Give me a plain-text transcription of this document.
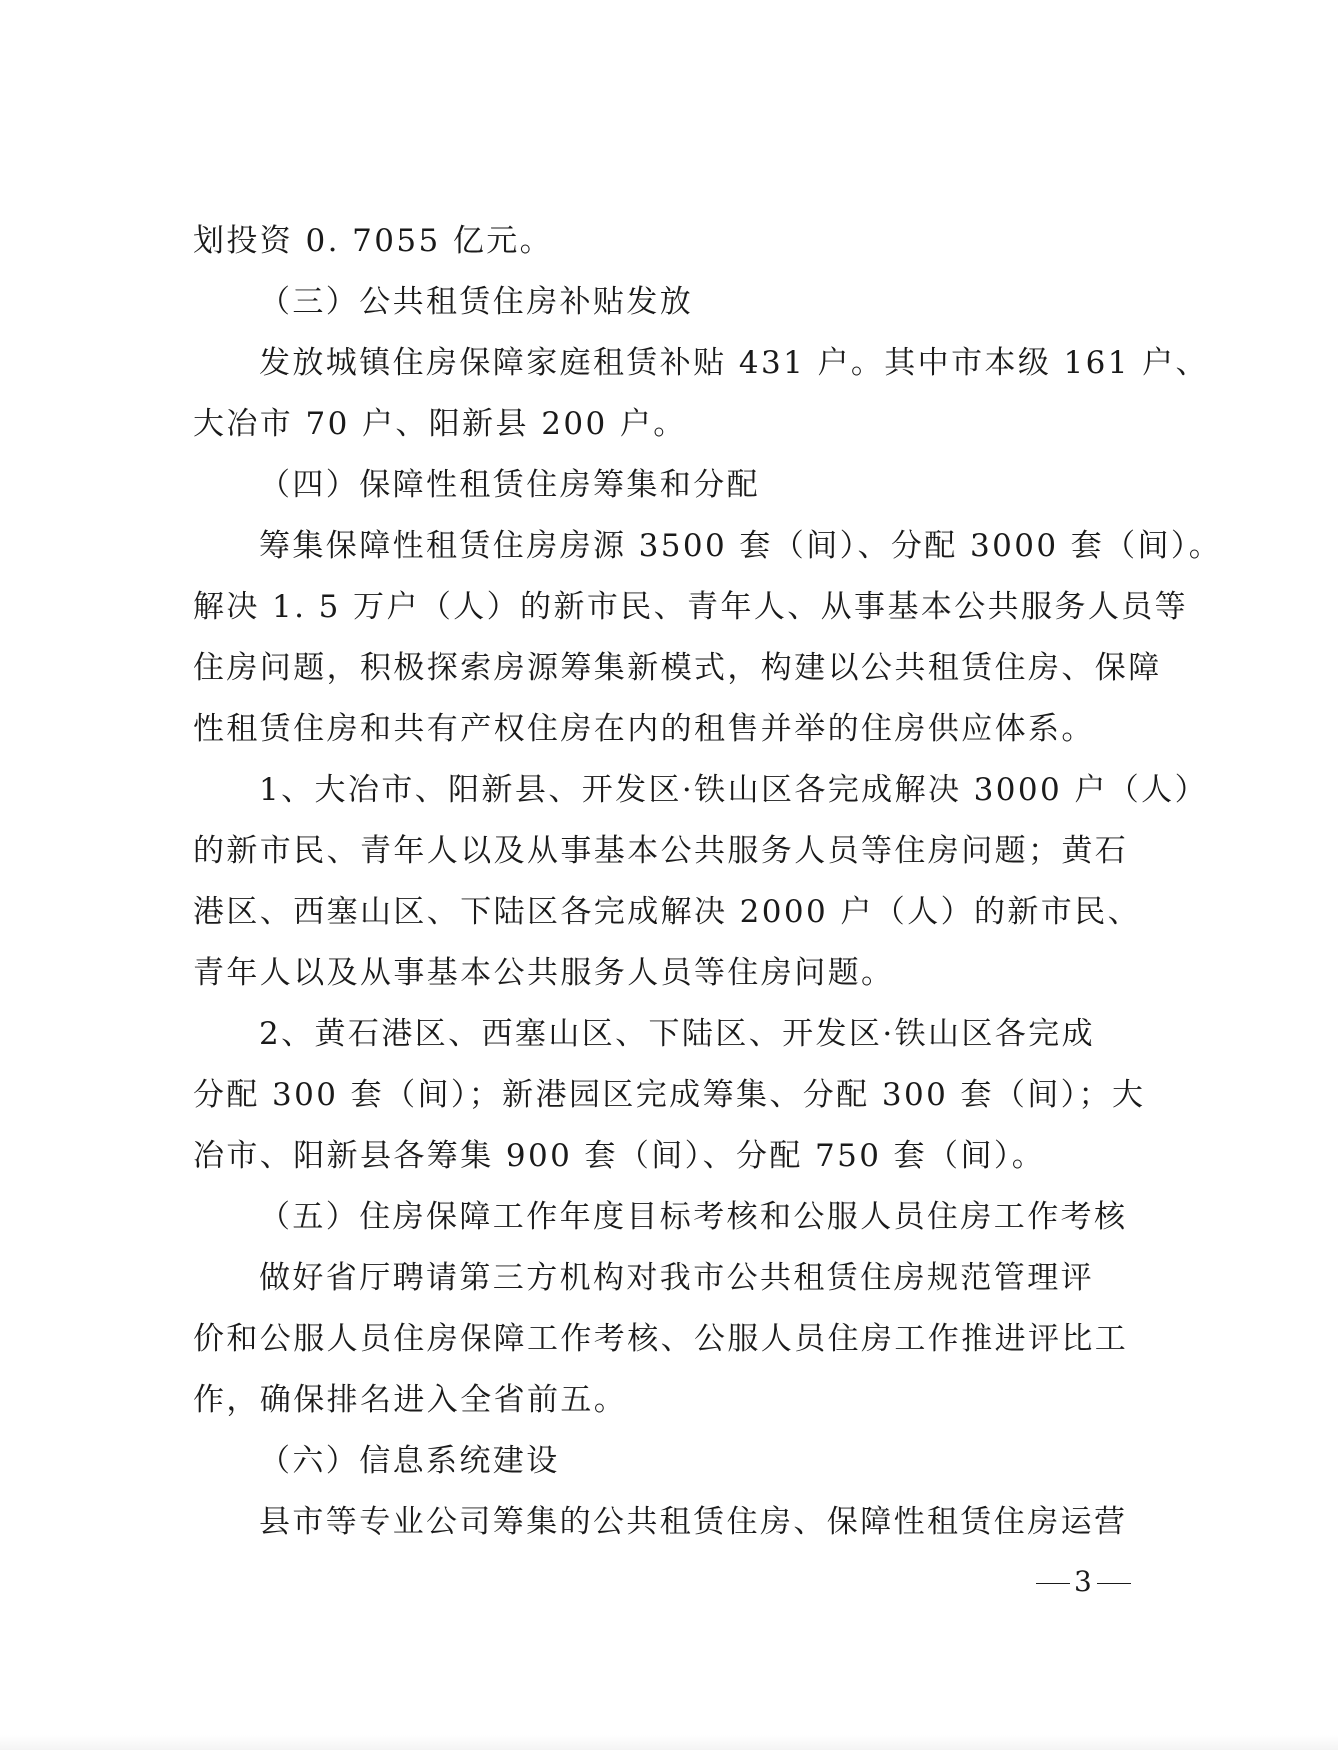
划投资 0. 7055 亿元。
（三）公共租赁住房补贴发放
发放城镇住房保障家庭租赁补贴 431 户。其中市本级 161 户、
大冶市 70 户、阳新县 200 户。
（四）保障性租赁住房筹集和分配
筹集保障性租赁住房房源 3500 套（间）、分配 3000 套（间）。
解决 1. 5 万户（人）的新市民、青年人、从事基本公共服务人员等
住房问题，积极探索房源筹集新模式，构建以公共租赁住房、保障
性租赁住房和共有产权住房在内的租售并举的住房供应体系。
1、大冶市、阳新县、开发区·铁山区各完成解决 3000 户（人）
的新市民、青年人以及从事基本公共服务人员等住房问题；黄石
港区、西塞山区、下陆区各完成解决 2000 户（人）的新市民、
青年人以及从事基本公共服务人员等住房问题。
2、黄石港区、西塞山区、下陆区、开发区·铁山区各完成
分配 300 套（间）；新港园区完成筹集、分配 300 套（间）；大
冶市、阳新县各筹集 900 套（间）、分配 750 套（间）。
（五）住房保障工作年度目标考核和公服人员住房工作考核
做好省厅聘请第三方机构对我市公共租赁住房规范管理评
价和公服人员住房保障工作考核、公服人员住房工作推进评比工
作，确保排名进入全省前五。
（六）信息系统建设
县市等专业公司筹集的公共租赁住房、保障性租赁住房运营
3
